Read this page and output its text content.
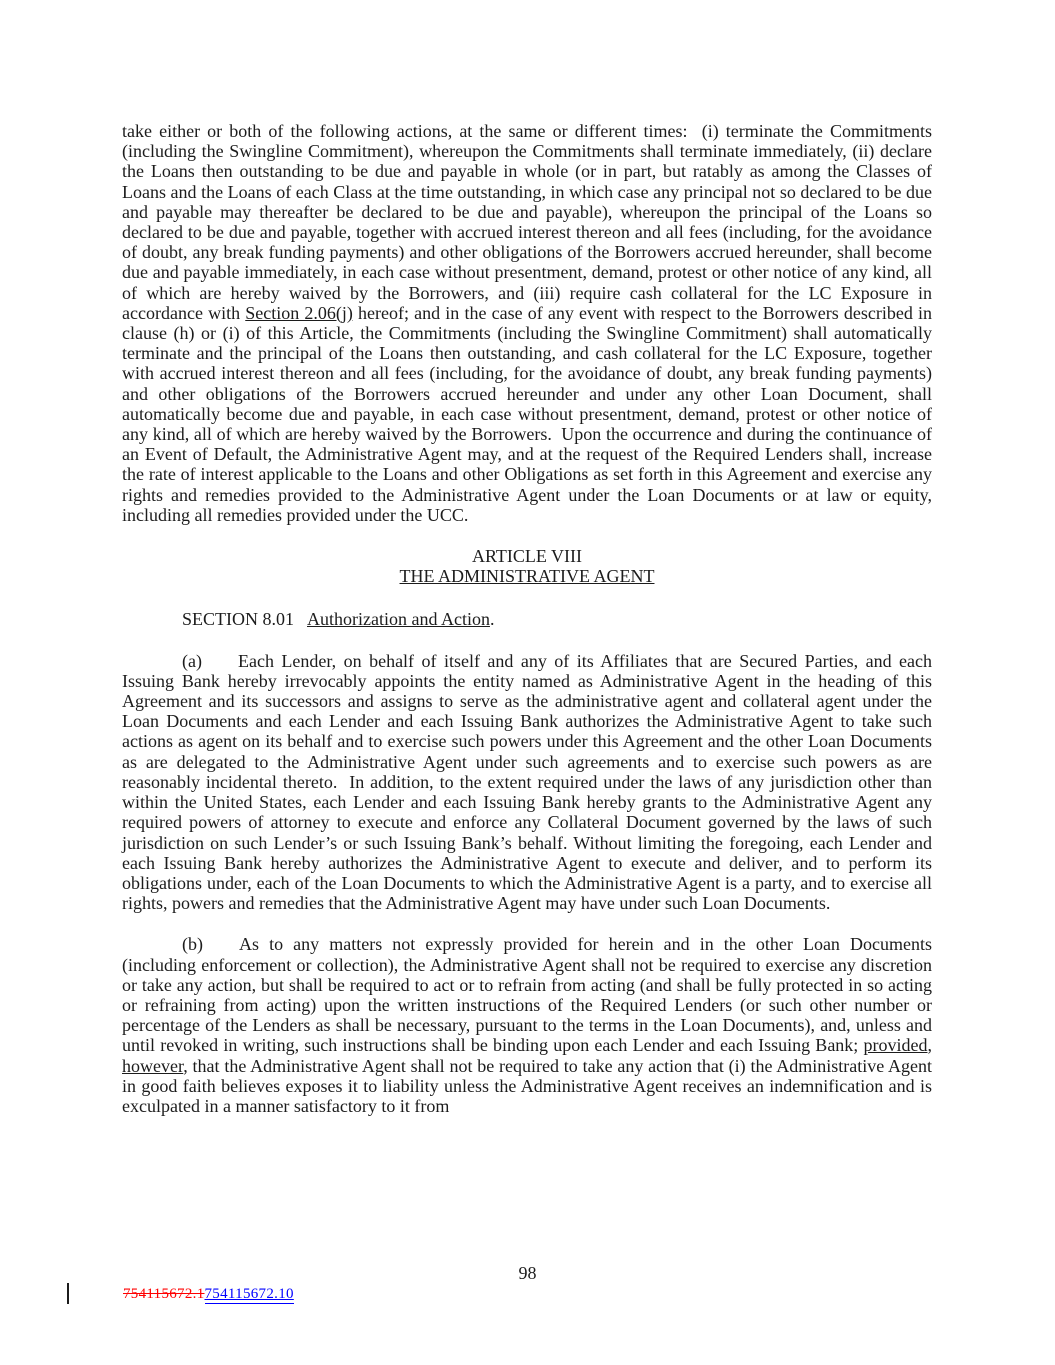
take either or both of the following actions, at the same or different times:  (i) terminate the Commitments (including the Swingline Commitment), whereupon the Commitments shall terminate immediately, (ii) declare the Loans then outstanding to be due and payable in whole (or in part, but ratably as among the Classes of Loans and the Loans of each Class at the time outstanding, in which case any principal not so declared to be due and payable may thereafter be declared to be due and payable), whereupon the principal of the Loans so declared to be due and payable, together with accrued interest thereon and all fees (including, for the avoidance of doubt, any break funding payments) and other obligations of the Borrowers accrued hereunder, shall become due and payable immediately, in each case without presentment, demand, protest or other notice of any kind, all of which are hereby waived by the Borrowers, and (iii) require cash collateral for the LC Exposure in accordance with Section 2.06(j) hereof; and in the case of any event with respect to the Borrowers described in clause (h) or (i) of this Article, the Commitments (including the Swingline Commitment) shall automatically terminate and the principal of the Loans then outstanding, and cash collateral for the LC Exposure, together with accrued interest thereon and all fees (including, for the avoidance of doubt, any break funding payments) and other obligations of the Borrowers accrued hereunder and under any other Loan Document, shall automatically become due and payable, in each case without presentment, demand, protest or other notice of any kind, all of which are hereby waived by the Borrowers.  Upon the occurrence and during the continuance of an Event of Default, the Administrative Agent may, and at the request of the Required Lenders shall, increase the rate of interest applicable to the Loans and other Obligations as set forth in this Agreement and exercise any rights and remedies provided to the Administrative Agent under the Loan Documents or at law or equity, including all remedies provided under the UCC.

ARTICLE VIII
THE ADMINISTRATIVE AGENT

SECTION 8.01 Authorization and Action.

(a) Each Lender, on behalf of itself and any of its Affiliates that are Secured Parties, and each Issuing Bank hereby irrevocably appoints the entity named as Administrative Agent in the heading of this Agreement and its successors and assigns to serve as the administrative agent and collateral agent under the Loan Documents and each Lender and each Issuing Bank authorizes the Administrative Agent to take such actions as agent on its behalf and to exercise such powers under this Agreement and the other Loan Documents as are delegated to the Administrative Agent under such agreements and to exercise such powers as are reasonably incidental thereto.  In addition, to the extent required under the laws of any jurisdiction other than within the United States, each Lender and each Issuing Bank hereby grants to the Administrative Agent any required powers of attorney to execute and enforce any Collateral Document governed by the laws of such jurisdiction on such Lender’s or such Issuing Bank’s behalf. Without limiting the foregoing, each Lender and each Issuing Bank hereby authorizes the Administrative Agent to execute and deliver, and to perform its obligations under, each of the Loan Documents to which the Administrative Agent is a party, and to exercise all rights, powers and remedies that the Administrative Agent may have under such Loan Documents.

(b) As to any matters not expressly provided for herein and in the other Loan Documents (including enforcement or collection), the Administrative Agent shall not be required to exercise any discretion or take any action, but shall be required to act or to refrain from acting (and shall be fully protected in so acting or refraining from acting) upon the written instructions of the Required Lenders (or such other number or percentage of the Lenders as shall be necessary, pursuant to the terms in the Loan Documents), and, unless and until revoked in writing, such instructions shall be binding upon each Lender and each Issuing Bank; provided, however, that the Administrative Agent shall not be required to take any action that (i) the Administrative Agent in good faith believes exposes it to liability unless the Administrative Agent receives an indemnification and is exculpated in a manner satisfactory to it from

98
754115672.1754115672.10
